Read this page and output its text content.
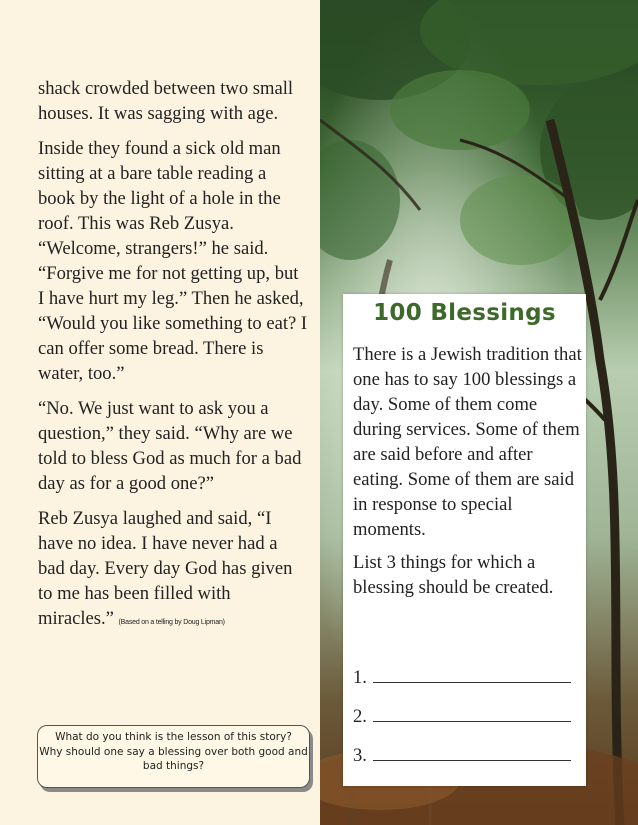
shack crowded between two small houses. It was sagging with age.

Inside they found a sick old man sitting at a bare table reading a book by the light of a hole in the roof. This was Reb Zusya. “Welcome, strangers!” he said. “Forgive me for not getting up, but I have hurt my leg.” Then he asked, “Would you like something to eat? I can offer some bread. There is water, too.”

“No. We just want to ask you a question,” they said. “Why are we told to bless God as much for a bad day as for a good one?”

Reb Zusya laughed and said, “I have no idea. I have never had a bad day. Every day God has given to me has been filled with miracles.” (Based on a telling by Doug Lipman)

What do you think is the lesson of this story?
Why should one say a blessing over both good and bad things?
100 Blessings

There is a Jewish tradition that one has to say 100 blessings a day. Some of them come during services. Some of them are said before and after eating. Some of them are said in response to special moments.

List 3 things for which a blessing should be created.

1.
2.
3.
